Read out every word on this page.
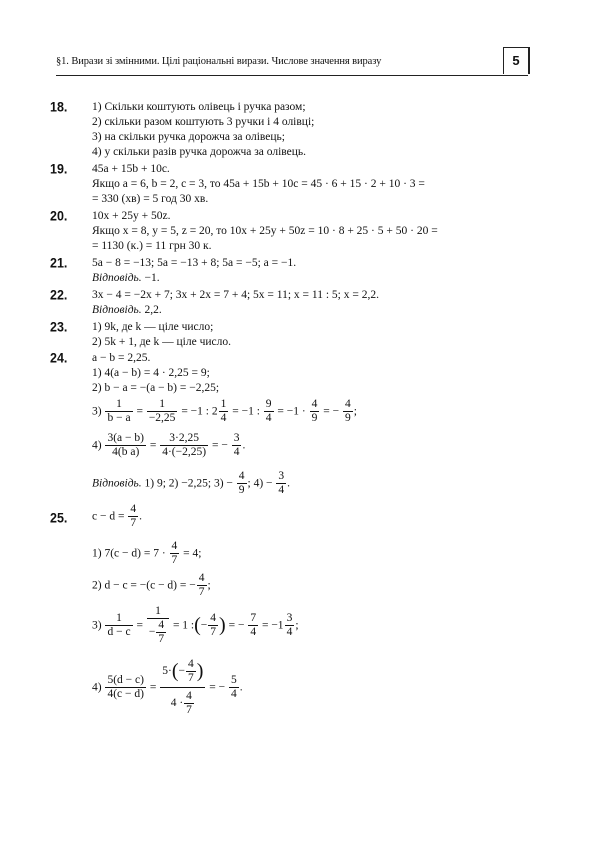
§1. Вирази зі змінними. Цілі раціональні вирази. Числове значення виразу	5
18. 1) Скільки коштують олівець і ручка разом;
2) скільки разом коштують 3 ручки і 4 олівці;
3) на скільки ручка дорожча за олівець;
4) у скільки разів ручка дорожча за олівець.
19. 45a + 15b + 10c.
Якщо a = 6, b = 2, c = 3, то 45a + 15b + 10c = 45 · 6 + 15 · 2 + 10 · 3 =
= 330 (хв) = 5 год 30 хв.
20. 10x + 25y + 50z.
Якщо x = 8, y = 5, z = 20, то 10x + 25y + 50z = 10 · 8 + 25 · 5 + 50 · 20 =
= 1130 (к.) = 11 грн 30 к.
21. 5a − 8 = −13; 5a = −13 + 8; 5a = −5; a = −1.
Відповідь. −1.
22. 3x − 4 = −2x + 7; 3x + 2x = 7 + 4; 5x = 11; x = 11 : 5; x = 2,2.
Відповідь. 2,2.
23. 1) 9k, де k — ціле число;
2) 5k + 1, де k — ціле число.
24. a − b = 2,25.
1) 4(a − b) = 4 · 2,25 = 9;
2) b − a = −(a − b) = −2,25;
$3) \frac{1}{b - a} = \frac{1}{-2,25} = -1$ : $2 \frac{1}{4} = -1$ : $\frac{9}{4} = -1 \cdot \frac{4}{9}$ = − $\frac{4}{9}$ ;
$4) \frac{3(a - b)}{\text{4(b a)}} = \frac{3\cdot 2,25}{4\cdot(-2,25)}$ = − $\frac{3}{4}$ .
Відповідь. 1) 9; 2) −2,25; $3) - \frac{4}{9}$ ; $4) - \frac{3}{4}$ .
25. $c - d = \frac{4}{7}$ .
1) $7(c - d) = 7 \cdot \frac{4}{7} = 4$;
2) d − c = −(c − d) = − $\frac{4}{7}$ ;
$3) \frac{1}{d - c} = \frac{1}{- \frac{4}{7}} = 1$ :(− $\frac{4}{7}$ ) = − $\frac{7}{4} = -1 \frac{3}{4}$ ;
$4) \frac{5(d - c)}{4(c - d)} = \frac{5\cdot(- \frac{4}{7} )}{4 \cdot \frac{4}{7}}$ = − $\frac{5}{4}$ .
